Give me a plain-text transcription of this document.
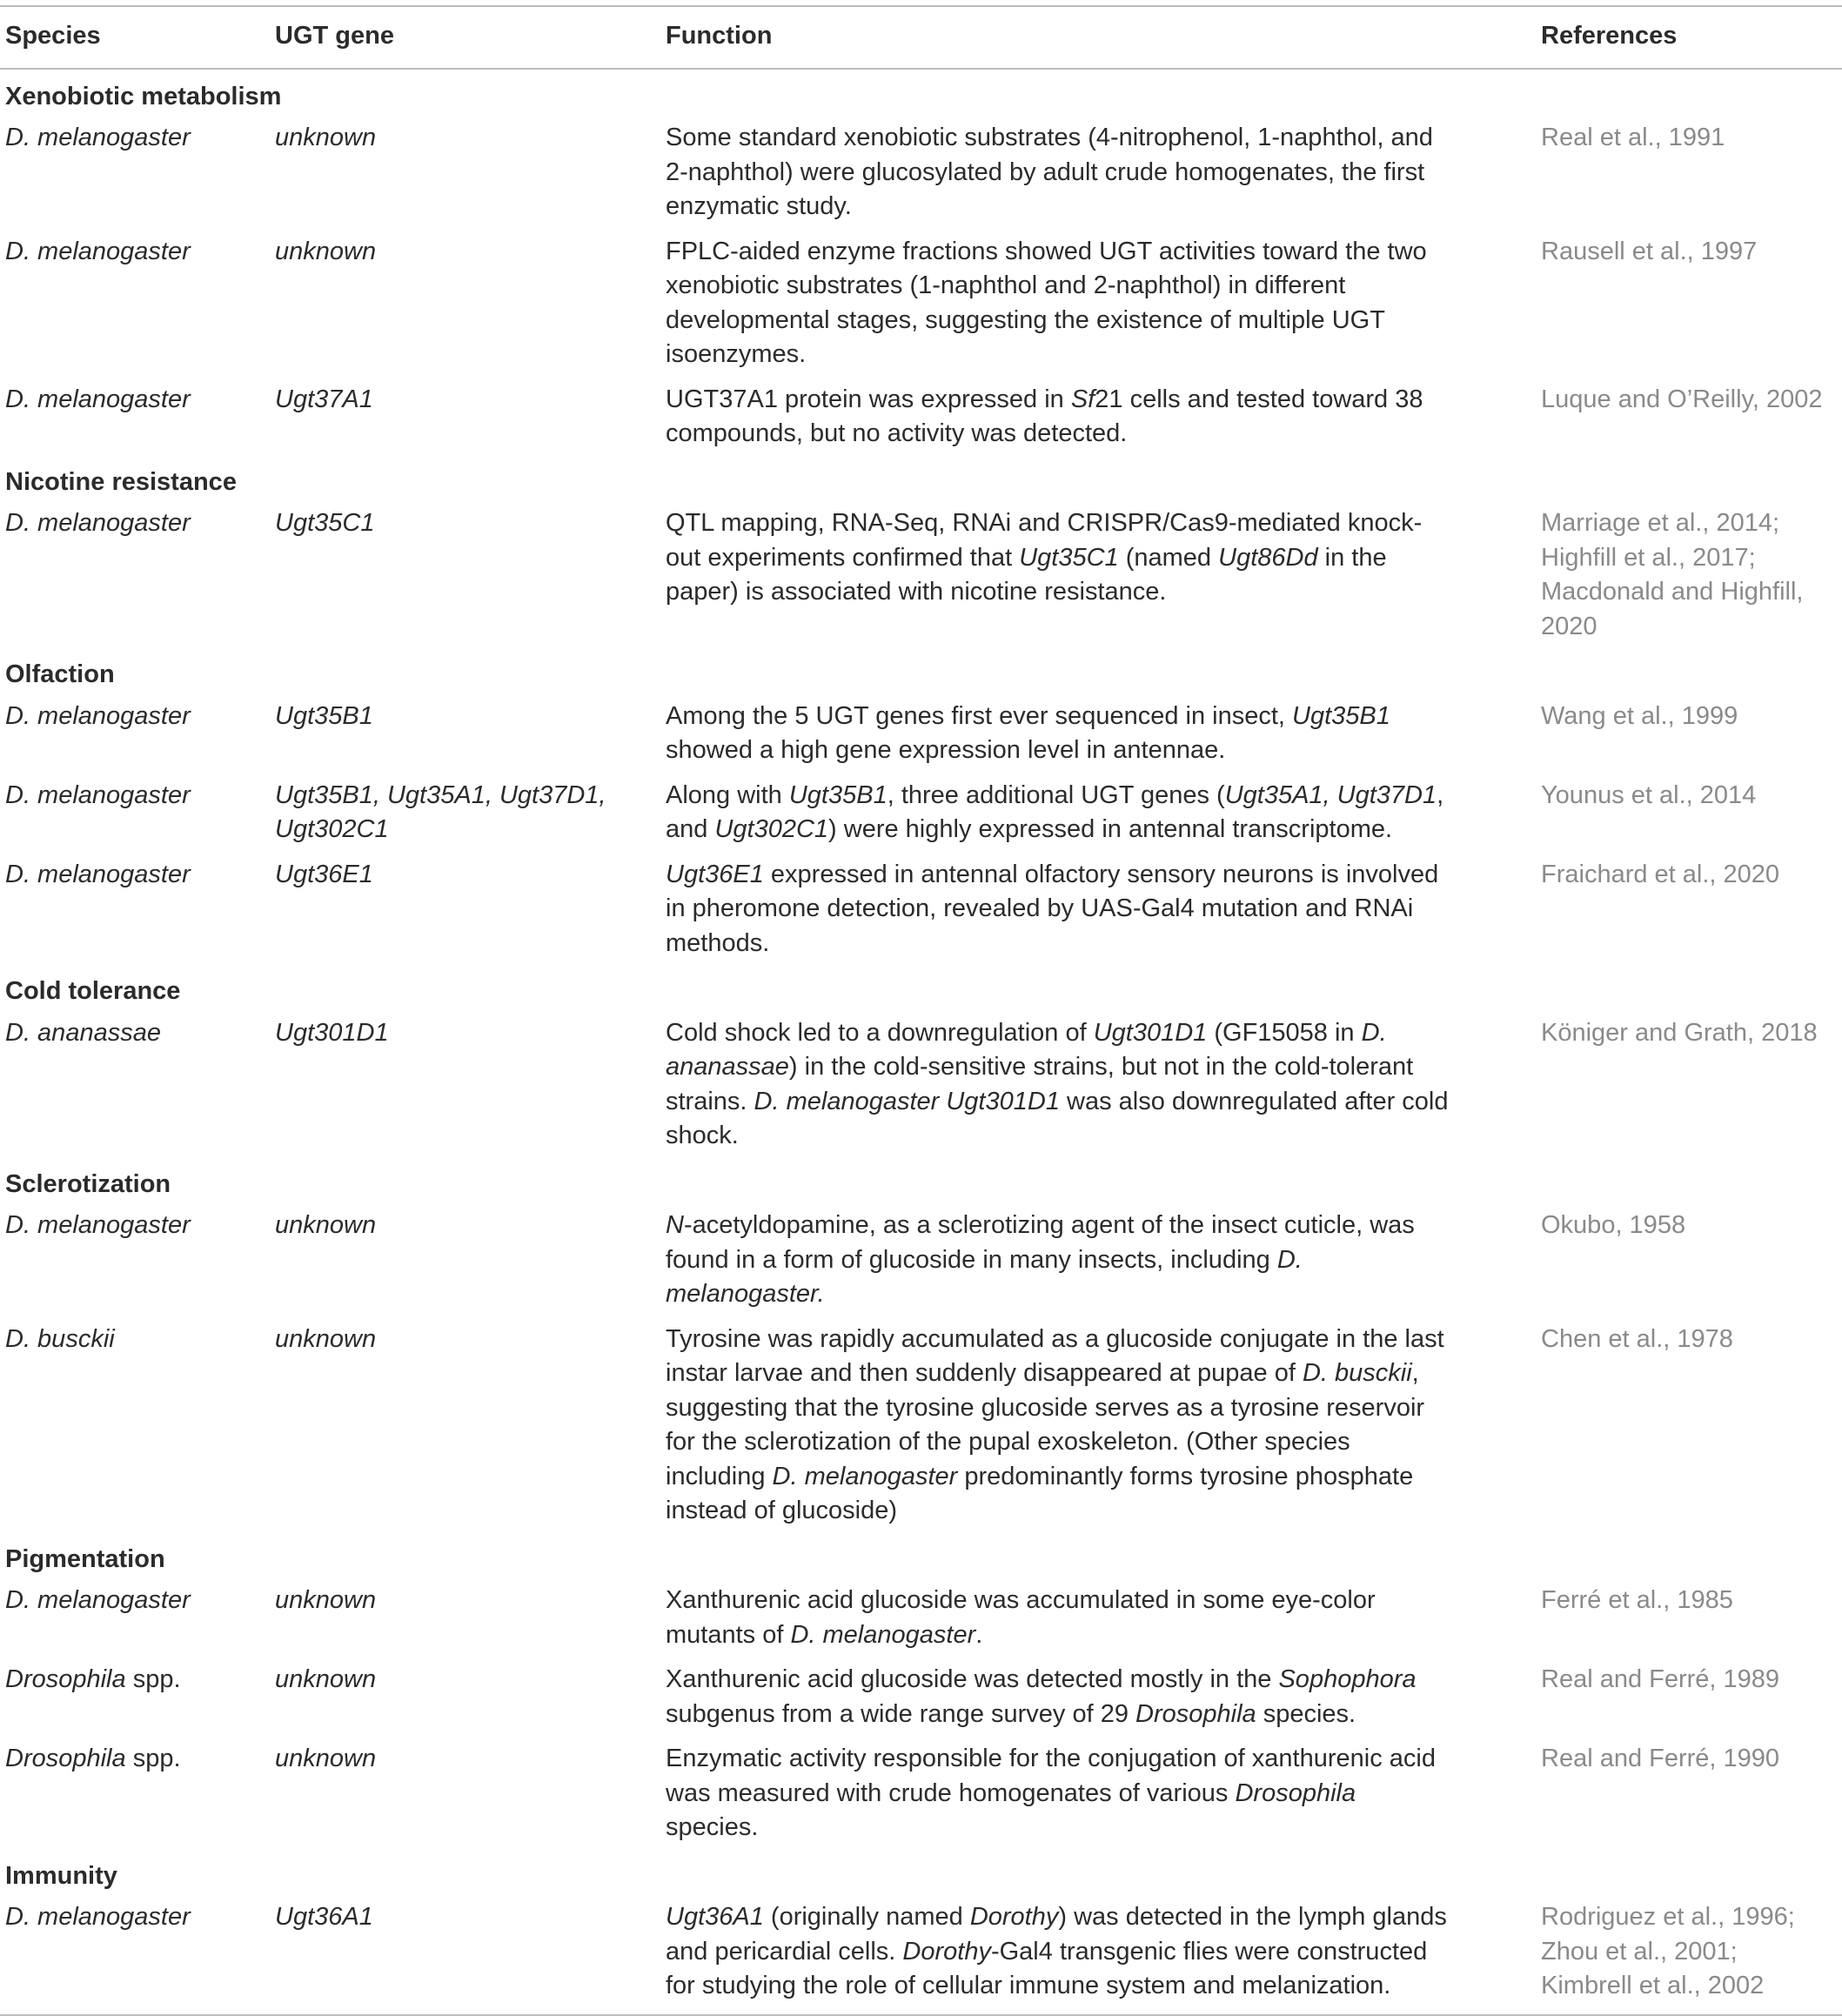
Species	UGT gene	Function	References
Xenobiotic metabolism			
D. melanogaster	unknown	Some standard xenobiotic substrates (4-nitrophenol, 1-naphthol, and 2-naphthol) were glucosylated by adult crude homogenates, the first enzymatic study.	Real et al., 1991
D. melanogaster	unknown	FPLC-aided enzyme fractions showed UGT activities toward the two xenobiotic substrates (1-naphthol and 2-naphthol) in different developmental stages, suggesting the existence of multiple UGT isoenzymes.	Rausell et al., 1997
D. melanogaster	Ugt37A1	UGT37A1 protein was expressed in Sf21 cells and tested toward 38 compounds, but no activity was detected.	Luque and O’Reilly, 2002
Nicotine resistance			
D. melanogaster	Ugt35C1	QTL mapping, RNA-Seq, RNAi and CRISPR/Cas9-mediated knock-out experiments confirmed that Ugt35C1 (named Ugt86Dd in the paper) is associated with nicotine resistance.	Marriage et al., 2014; Highfill et al., 2017; Macdonald and Highfill, 2020
Olfaction			
D. melanogaster	Ugt35B1	Among the 5 UGT genes first ever sequenced in insect, Ugt35B1 showed a high gene expression level in antennae.	Wang et al., 1999
D. melanogaster	Ugt35B1, Ugt35A1, Ugt37D1, Ugt302C1	Along with Ugt35B1, three additional UGT genes (Ugt35A1, Ugt37D1, and Ugt302C1) were highly expressed in antennal transcriptome.	Younus et al., 2014
D. melanogaster	Ugt36E1	Ugt36E1 expressed in antennal olfactory sensory neurons is involved in pheromone detection, revealed by UAS-Gal4 mutation and RNAi methods.	Fraichard et al., 2020
Cold tolerance			
D. ananassae	Ugt301D1	Cold shock led to a downregulation of Ugt301D1 (GF15058 in D. ananassae) in the cold-sensitive strains, but not in the cold-tolerant strains. D. melanogaster Ugt301D1 was also downregulated after cold shock.	Königer and Grath, 2018
Sclerotization			
D. melanogaster	unknown	N-acetyldopamine, as a sclerotizing agent of the insect cuticle, was found in a form of glucoside in many insects, including D. melanogaster.	Okubo, 1958
D. busckii	unknown	Tyrosine was rapidly accumulated as a glucoside conjugate in the last instar larvae and then suddenly disappeared at pupae of D. busckii, suggesting that the tyrosine glucoside serves as a tyrosine reservoir for the sclerotization of the pupal exoskeleton. (Other species including D. melanogaster predominantly forms tyrosine phosphate instead of glucoside)	Chen et al., 1978
Pigmentation			
D. melanogaster	unknown	Xanthurenic acid glucoside was accumulated in some eye-color mutants of D. melanogaster.	Ferré et al., 1985
Drosophila spp.	unknown	Xanthurenic acid glucoside was detected mostly in the Sophophora subgenus from a wide range survey of 29 Drosophila species.	Real and Ferré, 1989
Drosophila spp.	unknown	Enzymatic activity responsible for the conjugation of xanthurenic acid was measured with crude homogenates of various Drosophila species.	Real and Ferré, 1990
Immunity			
D. melanogaster	Ugt36A1	Ugt36A1 (originally named Dorothy) was detected in the lymph glands and pericardial cells. Dorothy-Gal4 transgenic flies were constructed for studying the role of cellular immune system and melanization.	Rodriguez et al., 1996; Zhou et al., 2001; Kimbrell et al., 2002
